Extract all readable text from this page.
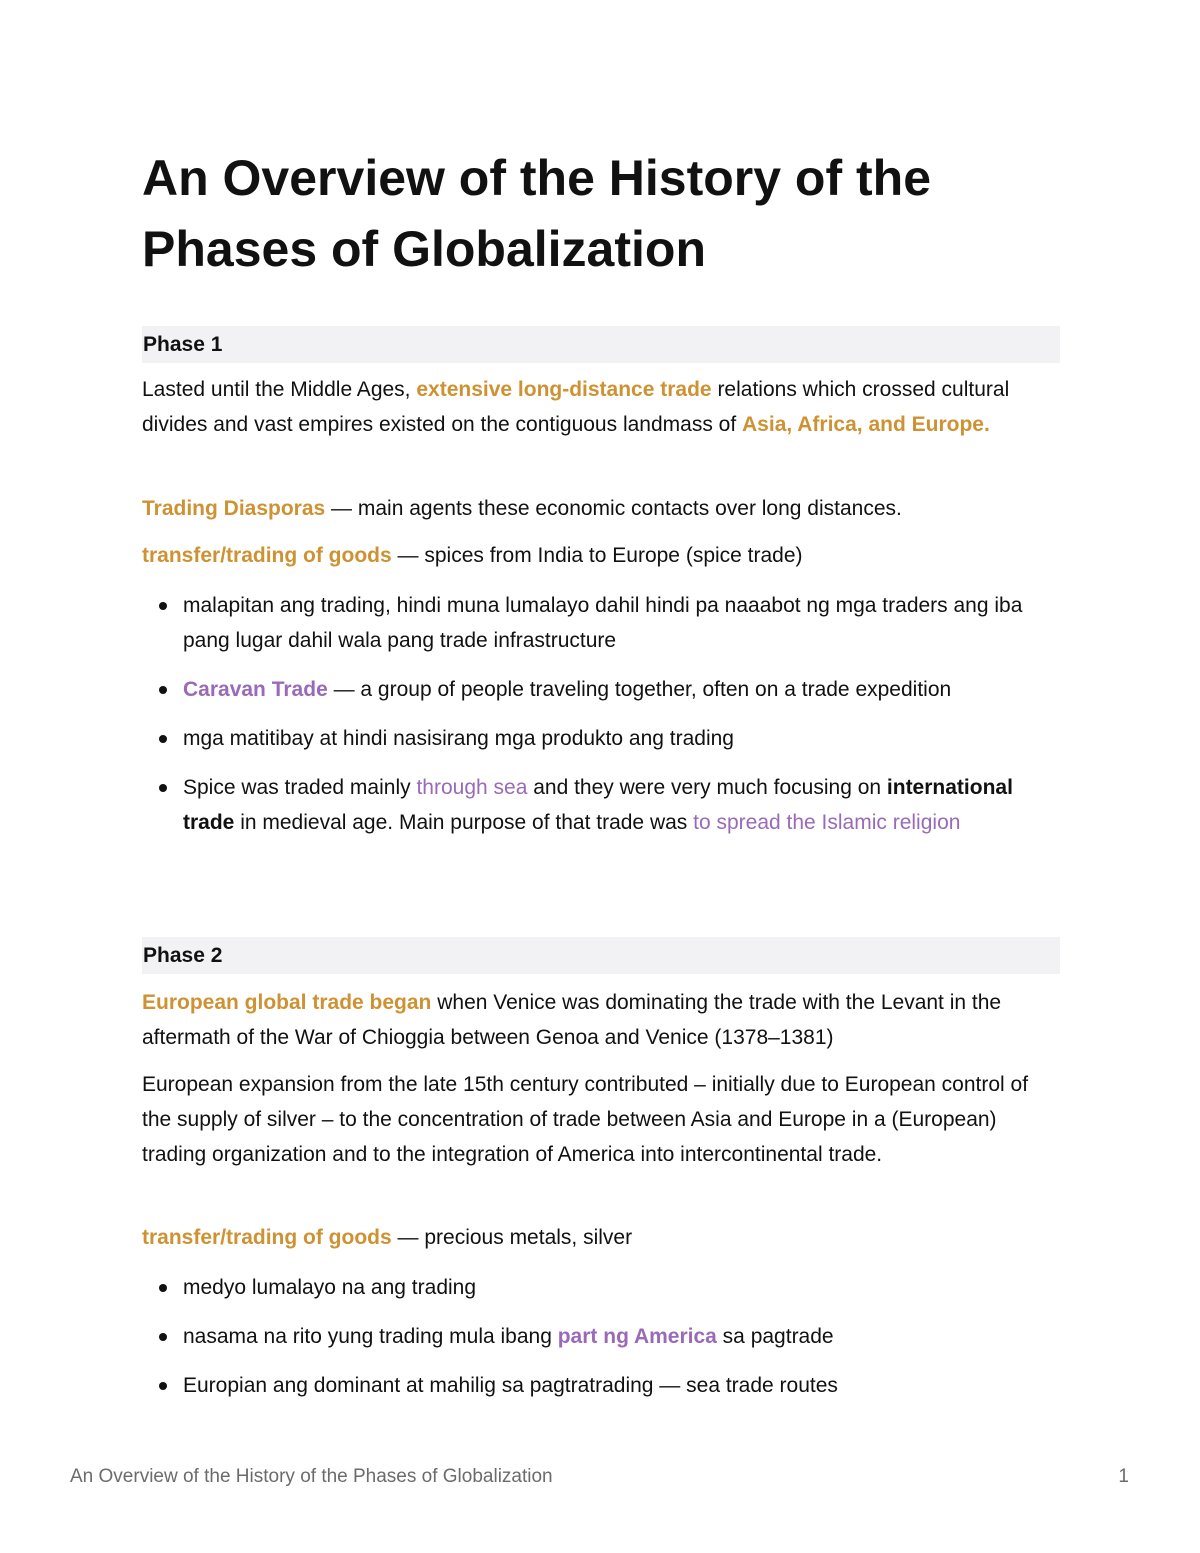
An Overview of the History of the Phases of Globalization
Phase 1

Lasted until the Middle Ages, extensive long-distance trade relations which crossed cultural divides and vast empires existed on the contiguous landmass of Asia, Africa, and Europe.

Trading Diasporas — main agents these economic contacts over long distances.

transfer/trading of goods — spices from India to Europe (spice trade)

malapitan ang trading, hindi muna lumalayo dahil hindi pa naaabot ng mga traders ang iba pang lugar dahil wala pang trade infrastructure
Caravan Trade — a group of people traveling together, often on a trade expedition
mga matitibay at hindi nasisirang mga produkto ang trading
Spice was traded mainly through sea and they were very much focusing on international trade in medieval age. Main purpose of that trade was to spread the Islamic religion
Phase 2

European global trade began when Venice was dominating the trade with the Levant in the aftermath of the War of Chioggia between Genoa and Venice (1378–1381)

European expansion from the late 15th century contributed – initially due to European control of the supply of silver – to the concentration of trade between Asia and Europe in a (European) trading organization and to the integration of America into intercontinental trade.

transfer/trading of goods — precious metals, silver

medyo lumalayo na ang trading
nasama na rito yung trading mula ibang part ng America sa pagtrade
Europian ang dominant at mahilig sa pagtratrading — sea trade routes
An Overview of the History of the Phases of Globalization	1
